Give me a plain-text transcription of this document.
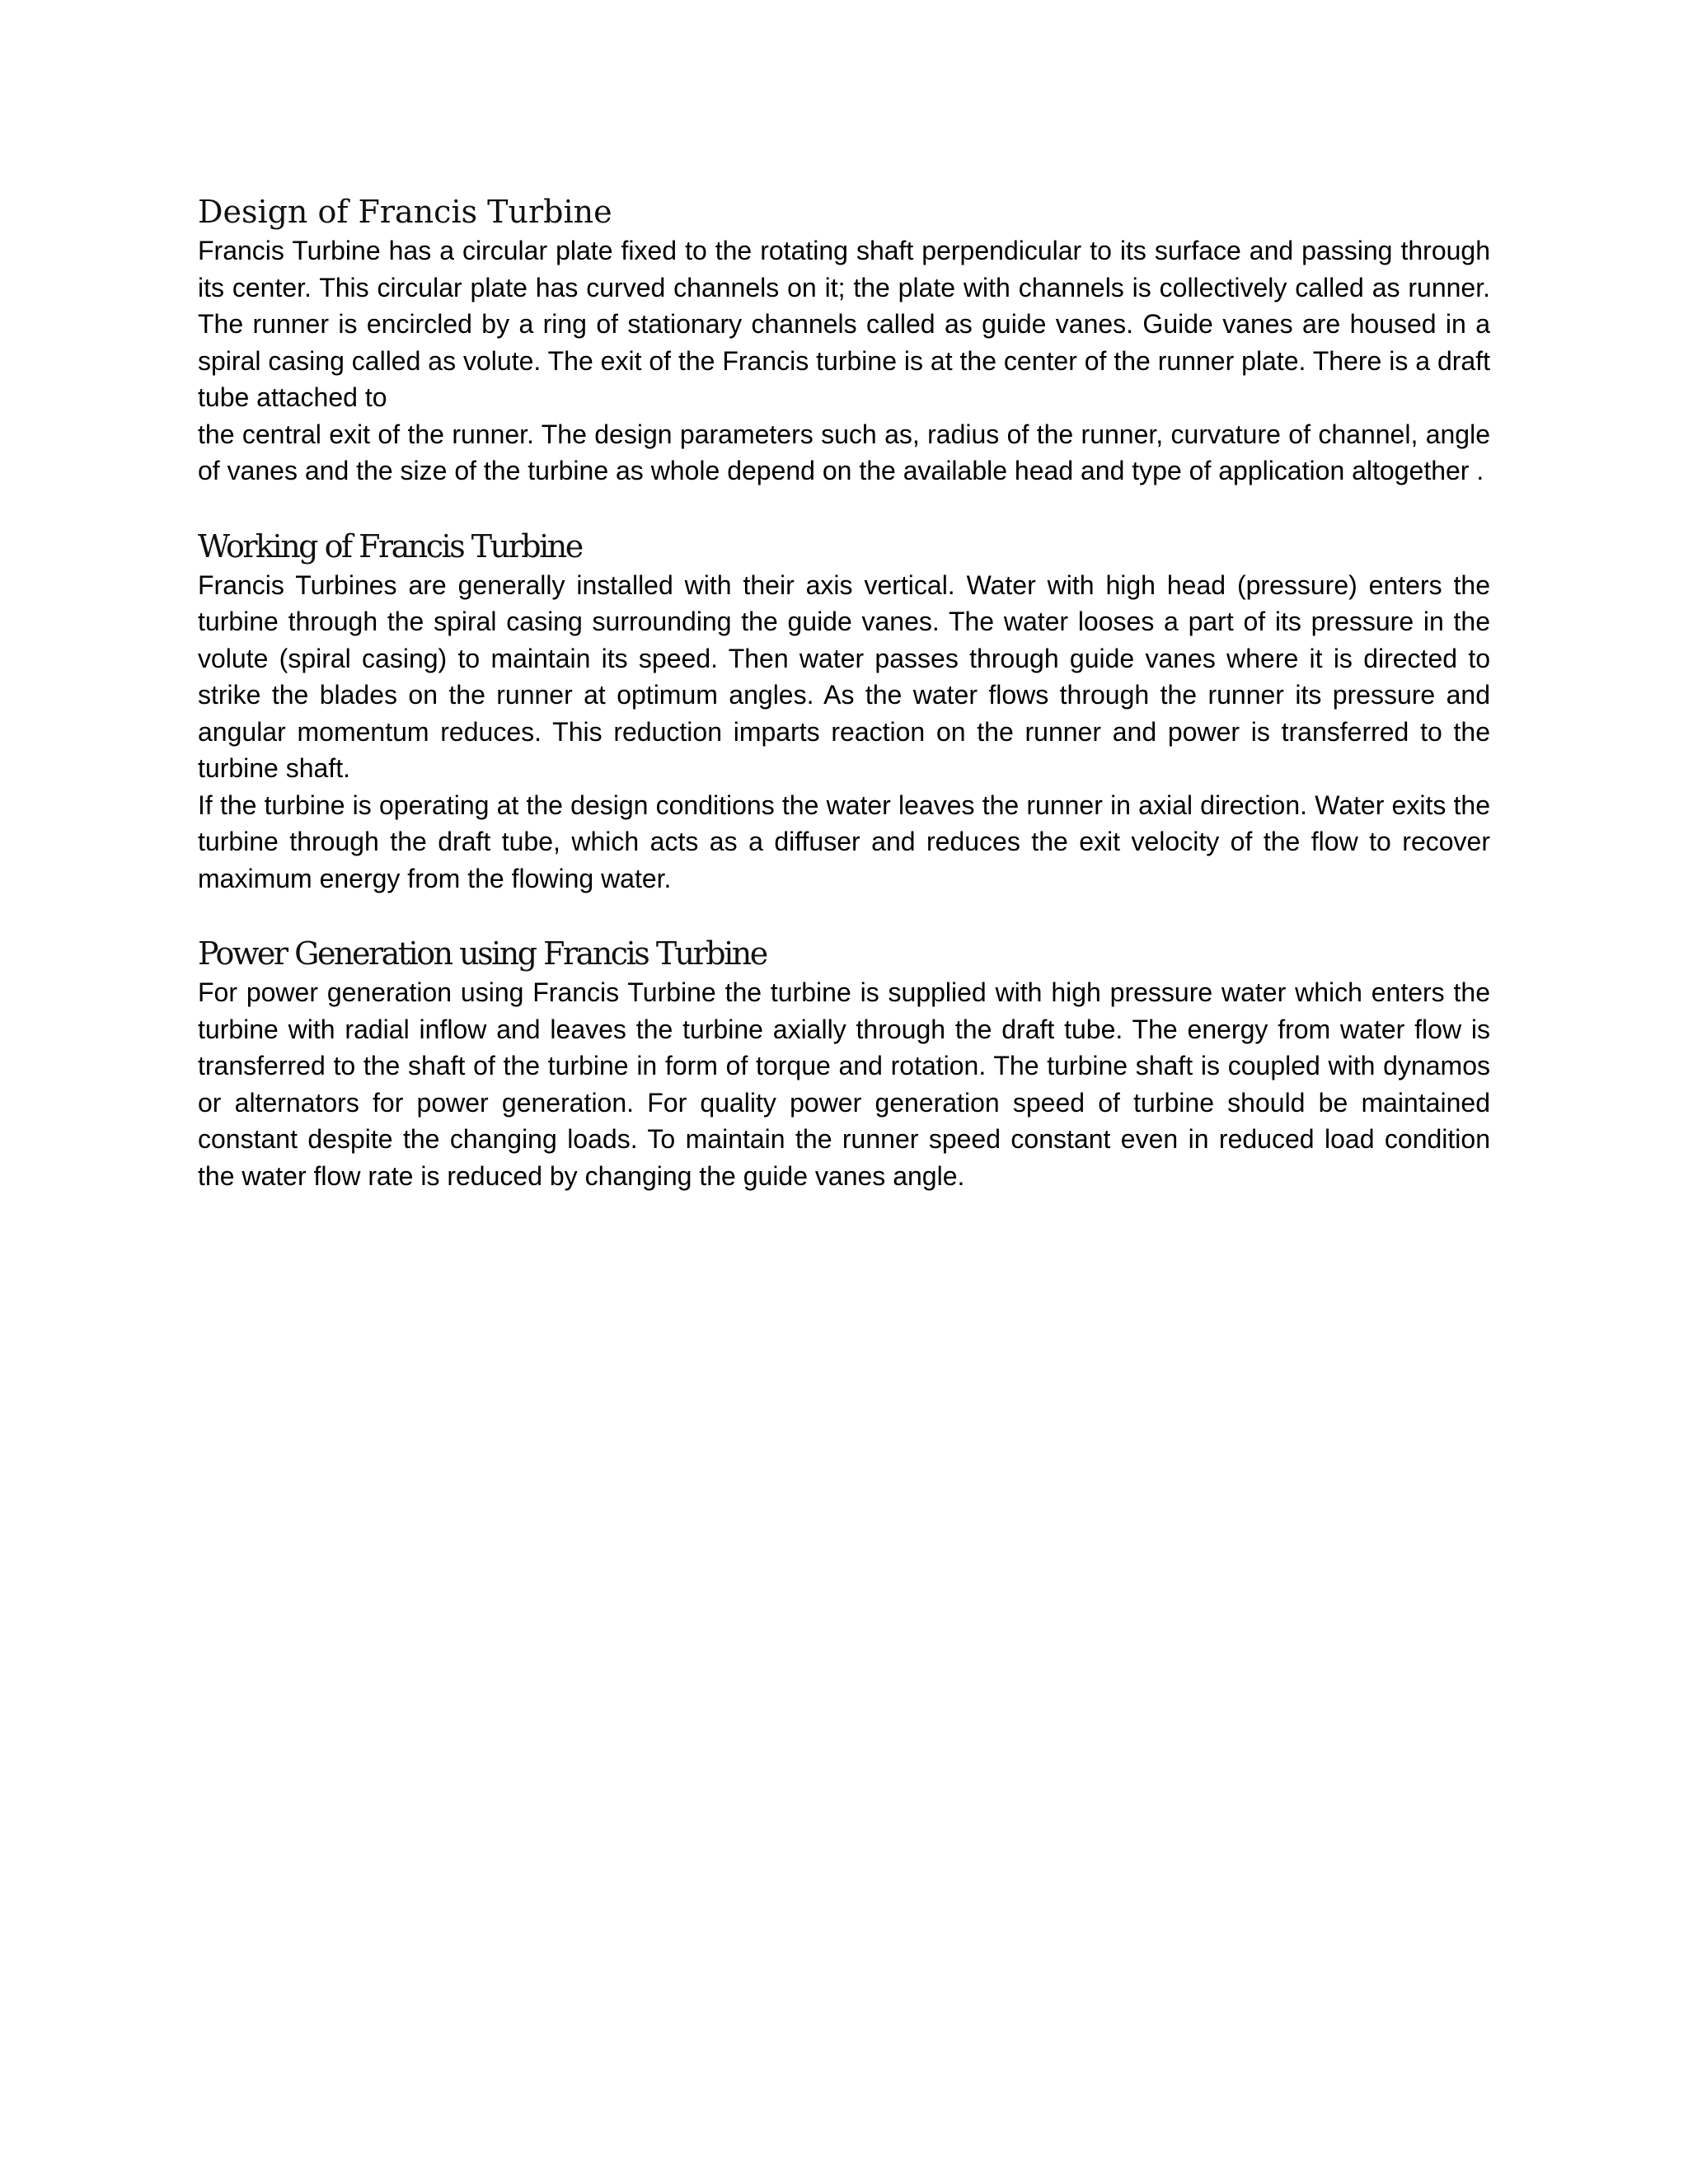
Design of Francis Turbine

Francis Turbine has a circular plate fixed to the rotating shaft perpendicular to its surface and passing through its center. This circular plate has curved channels on it; the plate with channels is collectively called as runner. The runner is encircled by a ring of stationary channels called as guide vanes. Guide vanes are housed in a spiral casing called as volute. The exit of the Francis turbine is at the center of the runner plate. There is a draft tube attached to

the central exit of the runner. The design parameters such as, radius of the runner, curvature of channel, angle of vanes and the size of the turbine as whole depend on the available head and type of application altogether .

Working of Francis Turbine

Francis Turbines are generally installed with their axis vertical. Water with high head (pressure) enters the turbine through the spiral casing surrounding the guide vanes. The water looses a part of its pressure in the volute (spiral casing) to maintain its speed. Then water passes through guide vanes where it is directed to strike the blades on the runner at optimum angles. As the water flows through the runner its pressure and angular momentum reduces. This reduction imparts reaction on the runner and power is transferred to the turbine shaft.

If the turbine is operating at the design conditions the water leaves the runner in axial direction. Water exits the turbine through the draft tube, which acts as a diffuser and reduces the exit velocity of the flow to recover maximum energy from the flowing water.

Power Generation using Francis Turbine

For power generation using Francis Turbine the turbine is supplied with high pressure water which enters the turbine with radial inflow and leaves the turbine axially through the draft tube. The energy from water flow is transferred to the shaft of the turbine in form of torque and rotation. The turbine shaft is coupled with dynamos or alternators for power generation. For quality power generation speed of turbine should be maintained constant despite the changing loads. To maintain the runner speed constant even in reduced load condition the water flow rate is reduced by changing the guide vanes angle.
